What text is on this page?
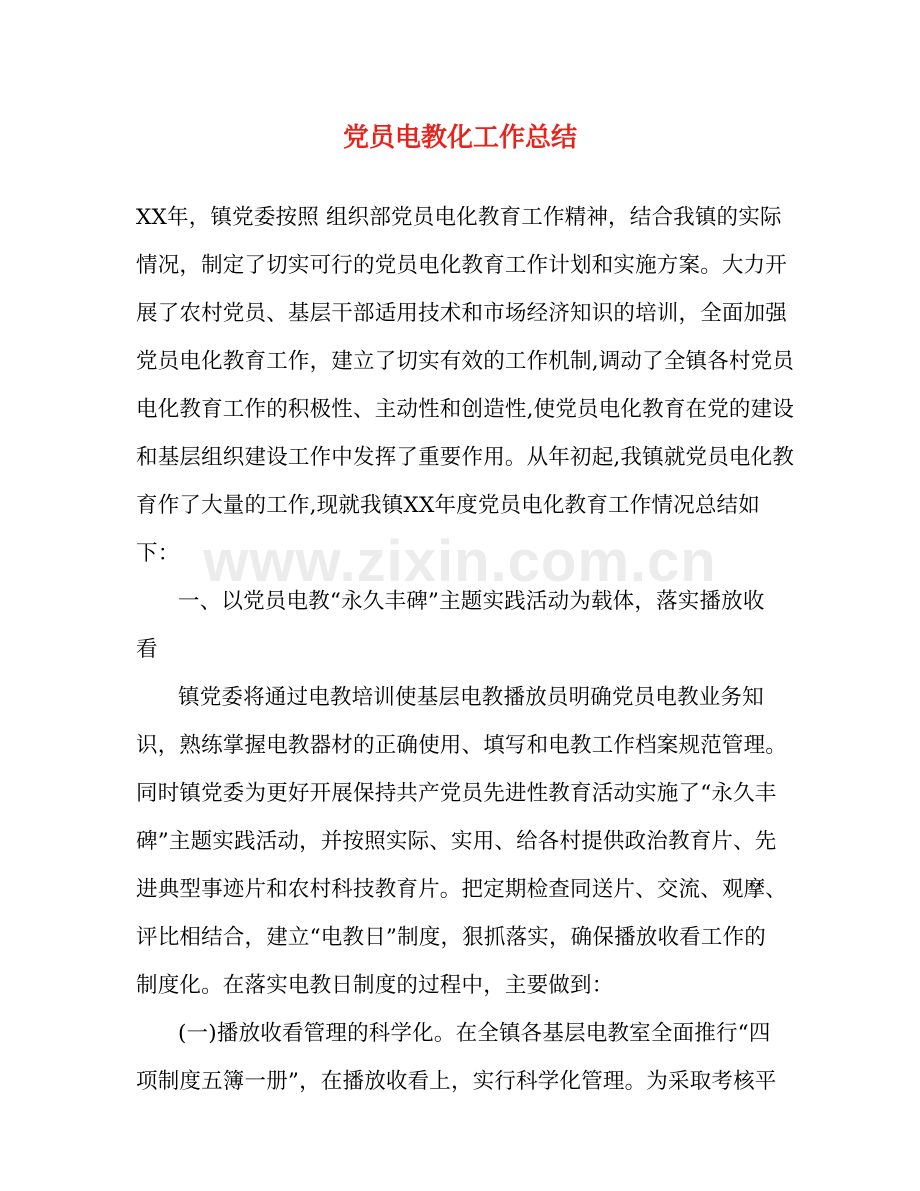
党员电教化工作总结
www.zixin.com.cn
XX年，镇党委按照 组织部党员电化教育工作精神，结合我镇的实际
情况，制定了切实可行的党员电化教育工作计划和实施方案。大力开
展了农村党员、基层干部适用技术和市场经济知识的培训，全面加强
党员电化教育工作，建立了切实有效的工作机制,调动了全镇各村党员
电化教育工作的积极性、主动性和创造性,使党员电化教育在党的建设
和基层组织建设工作中发挥了重要作用。从年初起,我镇就党员电化教
育作了大量的工作,现就我镇XX年度党员电化教育工作情况总结如
下：
一、以党员电教“永久丰碑”主题实践活动为载体，落实播放收
看
镇党委将通过电教培训使基层电教播放员明确党员电教业务知
识，熟练掌握电教器材的正确使用、填写和电教工作档案规范管理。
同时镇党委为更好开展保持共产党员先进性教育活动实施了“永久丰
碑”主题实践活动，并按照实际、实用、给各村提供政治教育片、先
进典型事迹片和农村科技教育片。把定期检查同送片、交流、观摩、
评比相结合，建立“电教日”制度，狠抓落实，确保播放收看工作的
制度化。在落实电教日制度的过程中，主要做到：
(一)播放收看管理的科学化。在全镇各基层电教室全面推行“四
项制度五簿一册”，在播放收看上，实行科学化管理。为采取考核平
